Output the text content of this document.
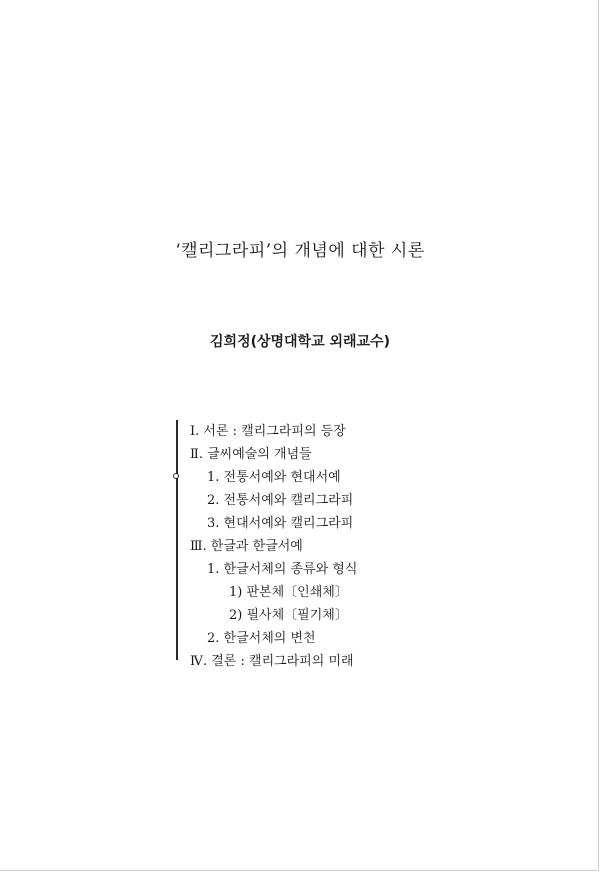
‘캘리그라피’의 개념에 대한 시론
김희정(상명대학교 외래교수)
Ⅰ. 서론 : 캘리그라피의 등장
Ⅱ. 글씨예술의 개념들
1. 전통서예와 현대서예
2. 전통서예와 캘리그라피
3. 현대서예와 캘리그라피
Ⅲ. 한글과 한글서예
1. 한글서체의 종류와 형식
1) 판본체〔인쇄체〕
2) 필사체〔필기체〕
2. 한글서체의 변천
Ⅳ. 결론 : 캘리그라피의 미래
